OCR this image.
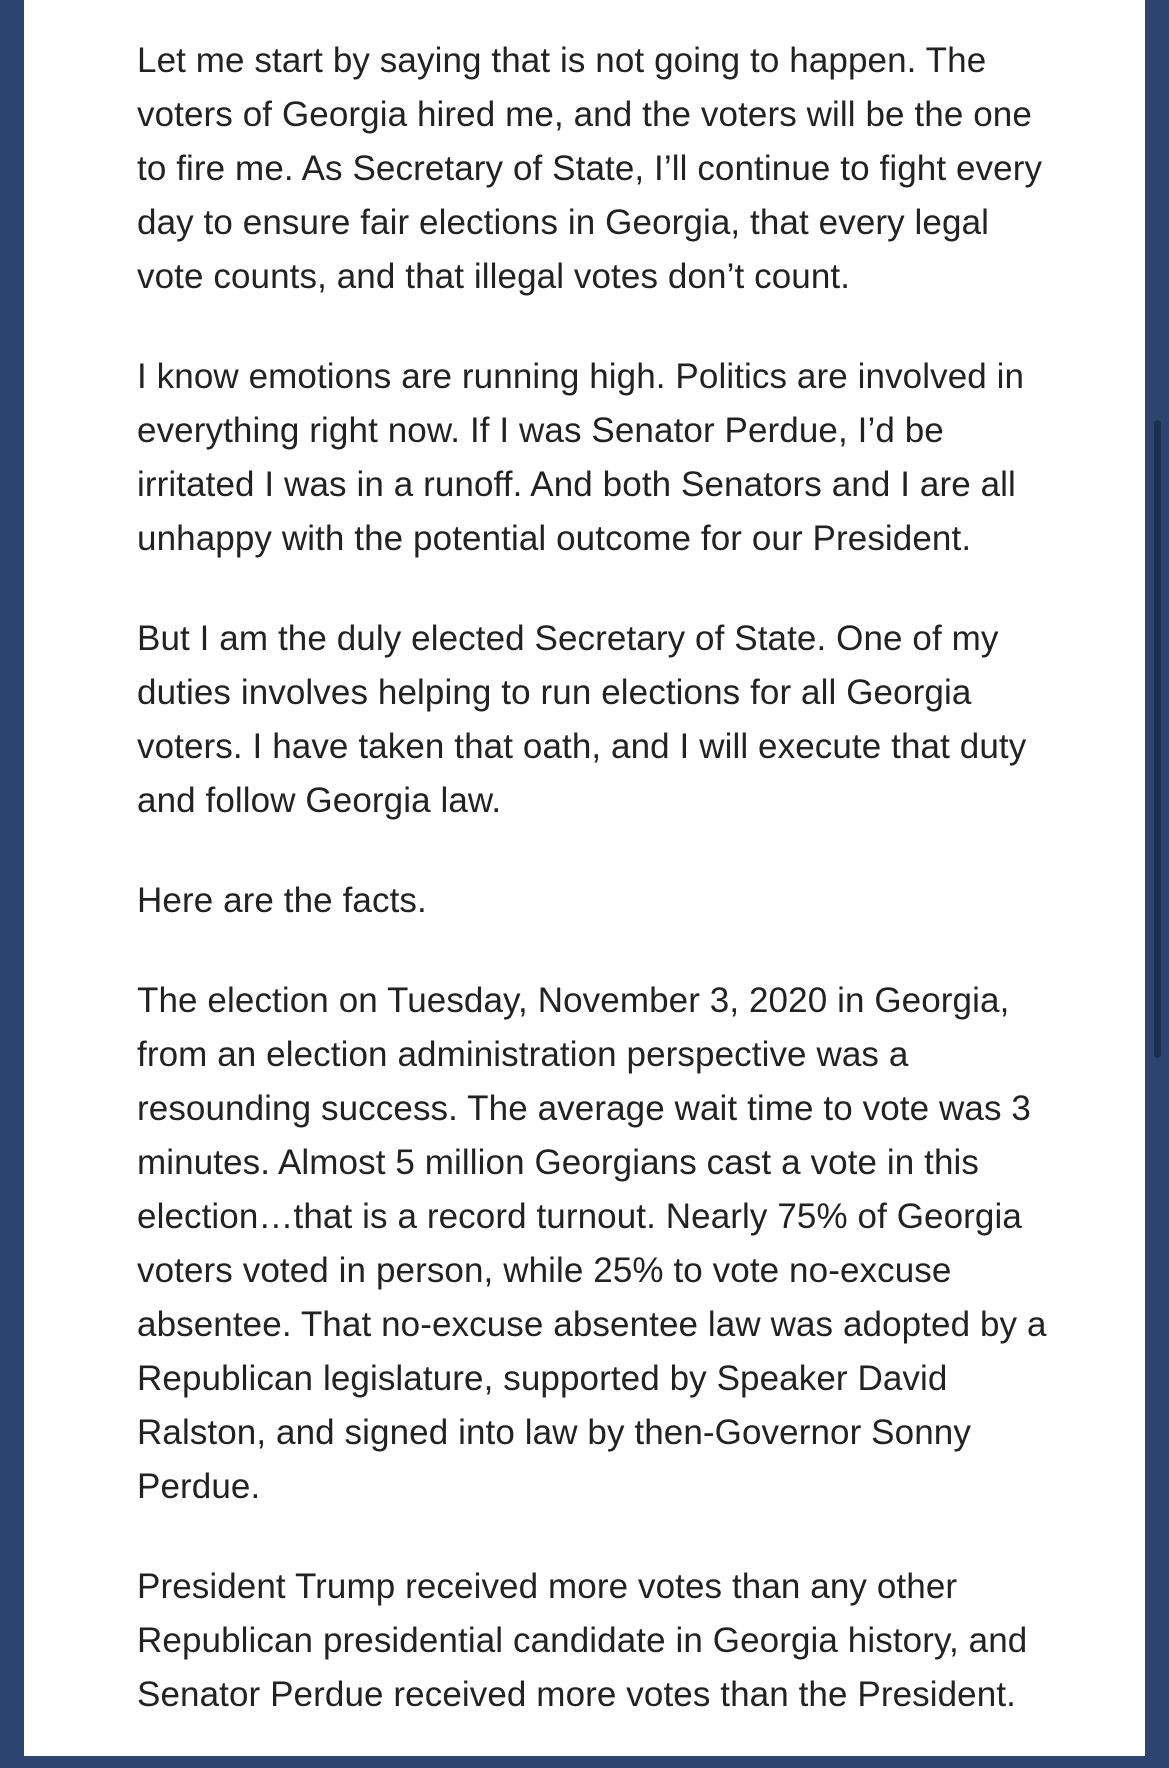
Let me start by saying that is not going to happen. The
voters of Georgia hired me, and the voters will be the one
to fire me. As Secretary of State, I’ll continue to fight every
day to ensure fair elections in Georgia, that every legal
vote counts, and that illegal votes don’t count.

I know emotions are running high. Politics are involved in
everything right now. If I was Senator Perdue, I’d be
irritated I was in a runoff. And both Senators and I are all
unhappy with the potential outcome for our President.

But I am the duly elected Secretary of State. One of my
duties involves helping to run elections for all Georgia
voters. I have taken that oath, and I will execute that duty
and follow Georgia law.

Here are the facts.

The election on Tuesday, November 3, 2020 in Georgia,
from an election administration perspective was a
resounding success. The average wait time to vote was 3
minutes. Almost 5 million Georgians cast a vote in this
election…that is a record turnout. Nearly 75% of Georgia
voters voted in person, while 25% to vote no-excuse
absentee. That no-excuse absentee law was adopted by a
Republican legislature, supported by Speaker David
Ralston, and signed into law by then-Governor Sonny
Perdue.

President Trump received more votes than any other
Republican presidential candidate in Georgia history, and
Senator Perdue received more votes than the President.
